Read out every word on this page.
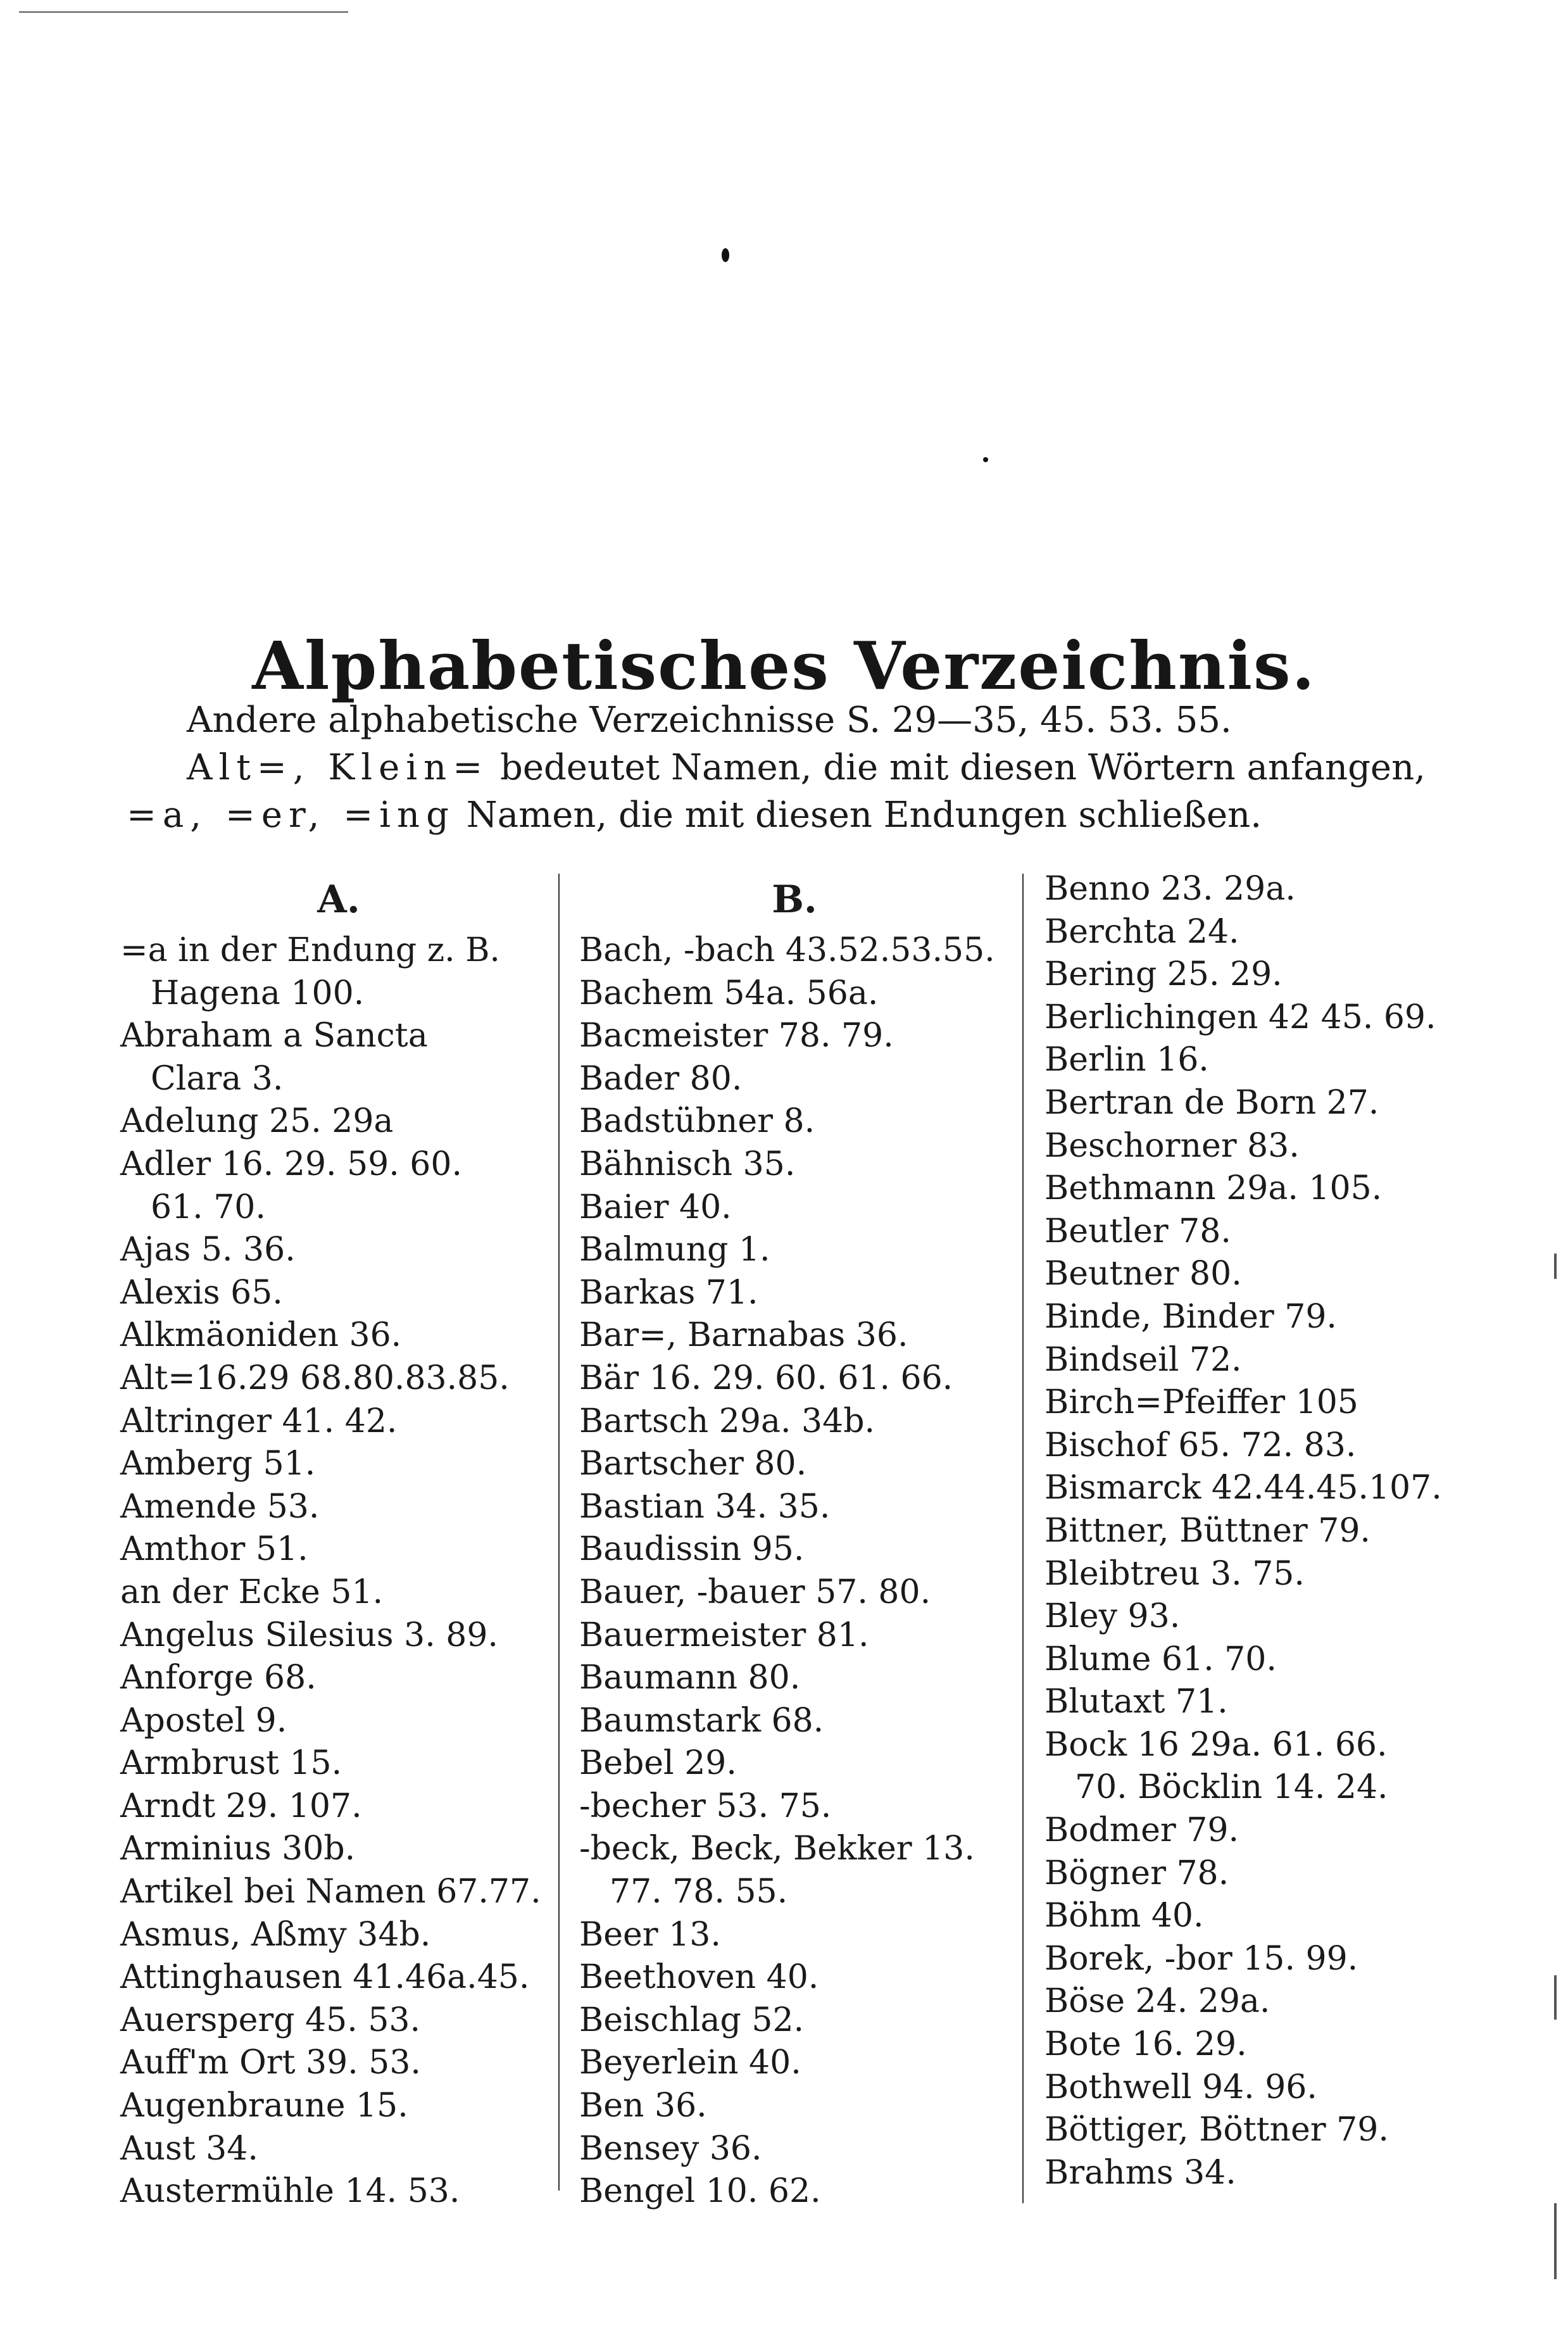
Alphabetisches Verzeichnis.

Andere alphabetische Verzeichnisse S. 29—35, 45. 53. 55.

Alt=, Klein= bedeutet Namen, die mit diesen Wörtern anfangen,

=a, =er, =ing Namen, die mit diesen Endungen schließen.

A.
=a in der Endung z. B.
Hagena 100.
Abraham a Sancta
Clara 3.
Adelung 25. 29a
Adler 16. 29. 59. 60.
61. 70.
Ajas 5. 36.
Alexis 65.
Alkmäoniden 36.
Alt=16.29 68.80.83.85.
Altringer 41. 42.
Amberg 51.
Amende 53.
Amthor 51.
an der Ecke 51.
Angelus Silesius 3. 89.
Anforge 68.
Apostel 9.
Armbrust 15.
Arndt 29. 107.
Arminius 30b.
Artikel bei Namen 67.77.
Asmus, Aßmy 34b.
Attinghausen 41.46a.45.
Auersperg 45. 53.
Auff'm Ort 39. 53.
Augenbraune 15.
Aust 34.
Austermühle 14. 53.
B.
Bach, -bach 43.52.53.55.
Bachem 54a. 56a.
Bacmeister 78. 79.
Bader 80.
Badstübner 8.
Bähnisch 35.
Baier 40.
Balmung 1.
Barkas 71.
Bar=, Barnabas 36.
Bär 16. 29. 60. 61. 66.
Bartsch 29a. 34b.
Bartscher 80.
Bastian 34. 35.
Baudissin 95.
Bauer, -bauer 57. 80.
Bauermeister 81.
Baumann 80.
Baumstark 68.
Bebel 29.
-becher 53. 75.
-beck, Beck, Bekker 13.
77. 78. 55.
Beer 13.
Beethoven 40.
Beischlag 52.
Beyerlein 40.
Ben 36.
Bensey 36.
Bengel 10. 62.
Benno 23. 29a.
Berchta 24.
Bering 25. 29.
Berlichingen 42 45. 69.
Berlin 16.
Bertran de Born 27.
Beschorner 83.
Bethmann 29a. 105.
Beutler 78.
Beutner 80.
Binde, Binder 79.
Bindseil 72.
Birch=Pfeiffer 105
Bischof 65. 72. 83.
Bismarck 42.44.45.107.
Bittner, Büttner 79.
Bleibtreu 3. 75.
Bley 93.
Blume 61. 70.
Blutaxt 71.
Bock 16 29a. 61. 66.
70. Böcklin 14. 24.
Bodmer 79.
Bögner 78.
Böhm 40.
Borek, -bor 15. 99.
Böse 24. 29a.
Bote 16. 29.
Bothwell 94. 96.
Böttiger, Böttner 79.
Brahms 34.
